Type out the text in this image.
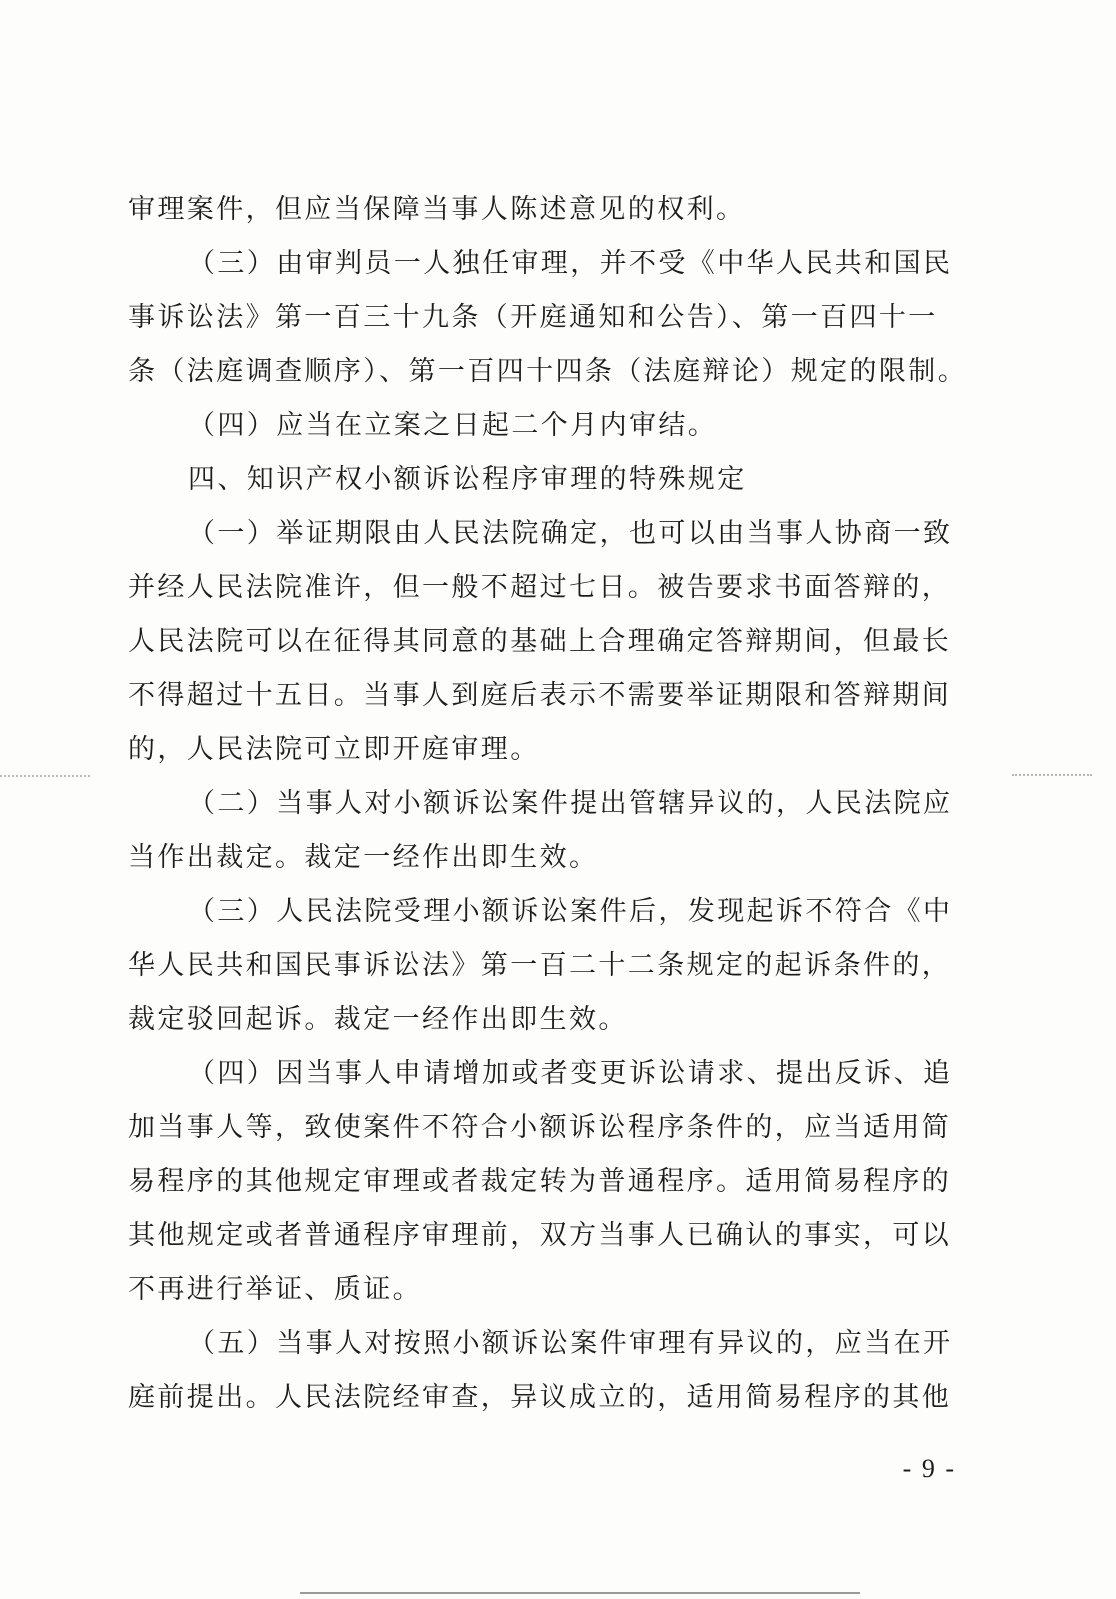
审理案件，但应当保障当事人陈述意见的权利。
（三）由审判员一人独任审理，并不受《中华人民共和国民
事诉讼法》第一百三十九条（开庭通知和公告）、第一百四十一
条（法庭调查顺序）、第一百四十四条（法庭辩论）规定的限制。
（四）应当在立案之日起二个月内审结。
四、知识产权小额诉讼程序审理的特殊规定
（一）举证期限由人民法院确定，也可以由当事人协商一致
并经人民法院准许，但一般不超过七日。被告要求书面答辩的，
人民法院可以在征得其同意的基础上合理确定答辩期间，但最长
不得超过十五日。当事人到庭后表示不需要举证期限和答辩期间
的，人民法院可立即开庭审理。
（二）当事人对小额诉讼案件提出管辖异议的，人民法院应
当作出裁定。裁定一经作出即生效。
（三）人民法院受理小额诉讼案件后，发现起诉不符合《中
华人民共和国民事诉讼法》第一百二十二条规定的起诉条件的，
裁定驳回起诉。裁定一经作出即生效。
（四）因当事人申请增加或者变更诉讼请求、提出反诉、追
加当事人等，致使案件不符合小额诉讼程序条件的，应当适用简
易程序的其他规定审理或者裁定转为普通程序。适用简易程序的
其他规定或者普通程序审理前，双方当事人已确认的事实，可以
不再进行举证、质证。
（五）当事人对按照小额诉讼案件审理有异议的，应当在开
庭前提出。人民法院经审查，异议成立的，适用简易程序的其他
- 9 -
